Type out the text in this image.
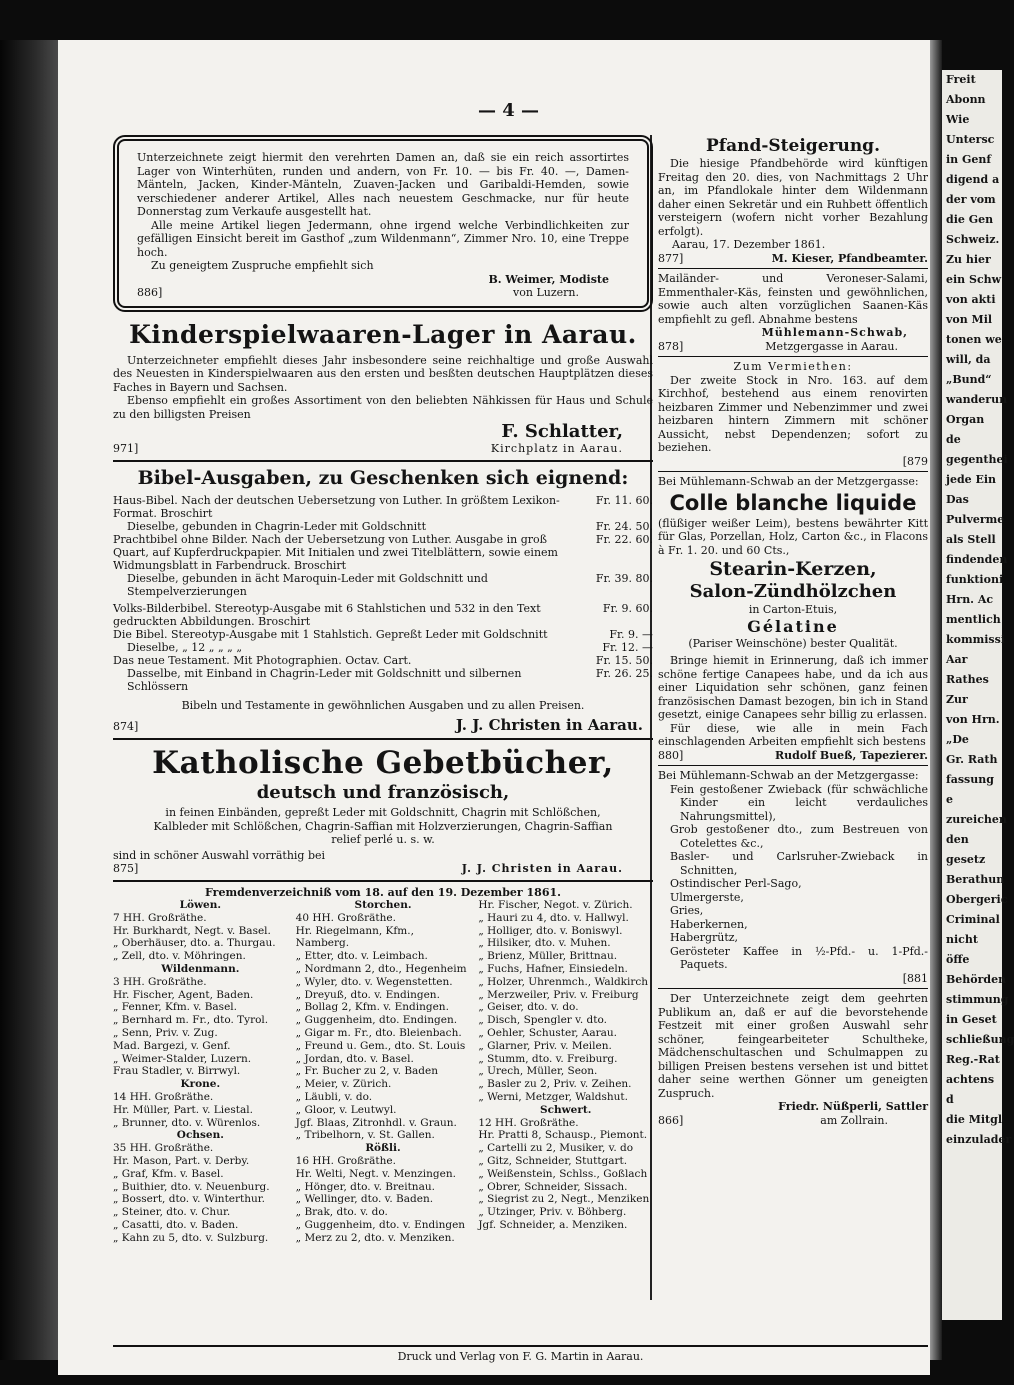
— 4 —

Unterzeichnete zeigt hiermit den verehrten Damen an, daß sie ein reich assortirtes Lager von Winterhüten, runden und andern, von Fr. 10. — bis Fr. 40. —, Damen-Mänteln, Jacken, Kinder-Mänteln, Zuaven-Jacken und Garibaldi-Hemden, sowie verschiedener anderer Artikel, Alles nach neuestem Geschmacke, nur für heute Donnerstag zum Verkaufe ausgestellt hat.

Alle meine Artikel liegen Jedermann, ohne irgend welche Verbindlichkeiten zur gefälligen Einsicht bereit im Gasthof „zum Wildenmann“, Zimmer Nro. 10, eine Treppe hoch.

Zu geneigtem Zuspruche empfiehlt sich

B. Weimer, Modiste

886]	von Luzern.

Kinderspielwaaren-Lager in Aarau.

Unterzeichneter empfiehlt dieses Jahr insbesondere seine reichhaltige und große Auswahl des Neuesten in Kinderspielwaaren aus den ersten und besßten deutschen Hauptplätzen dieses Faches in Bayern und Sachsen.

Ebenso empfiehlt ein großes Assortiment von den beliebten Nähkissen für Haus und Schule zu den billigsten Preisen

F. Schlatter,

971]	Kirchplatz in Aarau.

Bibel-Ausgaben, zu Geschenken sich eignend:

Haus-Bibel. Nach der deutschen Uebersetzung von Luther. In größtem Lexikon-Format. Broschirt
Fr. 11. 60.
Dieselbe, gebunden in Chagrin-Leder mit Goldschnitt	Fr. 24. 50.
Prachtbibel ohne Bilder. Nach der Uebersetzung von Luther. Ausgabe in groß Quart, auf Kupferdruckpapier. Mit Initialen und zwei Titelblättern, sowie einem Widmungsblatt in Farbendruck. Broschirt
Fr. 22. 60.
Dieselbe, gebunden in ächt Maroquin-Leder mit Goldschnitt und Stempelverzierungen
Fr. 39. 80.
Volks-Bilderbibel. Stereotyp-Ausgabe mit 6 Stahlstichen und 532 in den Text gedruckten Abbildungen. Broschirt
Fr. 9. 60.
Die Bibel. Stereotyp-Ausgabe mit 1 Stahlstich. Gepreßt Leder mit Goldschnitt	Fr. 9. —
Dieselbe, „ 12 „ „ „ „	Fr. 12. —
Das neue Testament. Mit Photographien. Octav. Cart.	Fr. 15. 50.
Dasselbe, mit Einband in Chagrin-Leder mit Goldschnitt und silbernen Schlössern
Fr. 26. 25.

Bibeln und Testamente in gewöhnlichen Ausgaben und zu allen Preisen.

874]	J. J. Christen in Aarau.

Katholische Gebetbücher,

deutsch und französisch,

in feinen Einbänden, gepreßt Leder mit Goldschnitt, Chagrin mit Schlößchen, Kalbleder mit Schlößchen, Chagrin-Saffian mit Holzverzierungen, Chagrin-Saffian relief perlé u. s. w.

sind in schöner Auswahl vorräthig bei

875]	J. J. Christen in Aarau.

Fremdenverzeichniß vom 18. auf den 19. Dezember 1861.

Löwen.

7 HH. Großräthe.

Hr. Burkhardt, Negt. v. Basel.

„ Oberhäuser, dto. a. Thurgau.

„ Zell, dto. v. Möhringen.

Wildenmann.

3 HH. Großräthe.

Hr. Fischer, Agent, Baden.

„ Fenner, Kfm. v. Basel.

„ Bernhard m. Fr., dto. Tyrol.

„ Senn, Priv. v. Zug.

Mad. Bargezi, v. Genf.

„ Weimer-Stalder, Luzern.

Frau Stadler, v. Birrwyl.

Krone.

14 HH. Großräthe.

Hr. Müller, Part. v. Liestal.

„ Brunner, dto. v. Würenlos.

Ochsen.

35 HH. Großräthe.

Hr. Mason, Part. v. Derby.

„ Graf, Kfm. v. Basel.

„ Buithier, dto. v. Neuenburg.

„ Bossert, dto. v. Winterthur.

„ Steiner, dto. v. Chur.

„ Casatti, dto. v. Baden.

„ Kahn zu 5, dto. v. Sulzburg.

Storchen.

40 HH. Großräthe.

Hr. Riegelmann, Kfm., Namberg.

„ Etter, dto. v. Leimbach.

„ Nordmann 2, dto., Hegenheim

„ Wyler, dto. v. Wegenstetten.

„ Dreyuß, dto. v. Endingen.

„ Bollag 2, Kfm. v. Endingen.

„ Guggenheim, dto. Endingen.

„ Gigar m. Fr., dto. Bleienbach.

„ Freund u. Gem., dto. St. Louis

„ Jordan, dto. v. Basel.

„ Fr. Bucher zu 2, v. Baden

„ Meier, v. Zürich.

„ Läubli, v. do.

„ Gloor, v. Leutwyl.

Jgf. Blaas, Zitronhdl. v. Graun.

„ Tribelhorn, v. St. Gallen.

Rößli.

16 HH. Großräthe.

Hr. Welti, Negt. v. Menzingen.

„ Hönger, dto. v. Breitnau.

„ Wellinger, dto. v. Baden.

„ Brak, dto. v. do.

„ Guggenheim, dto. v. Endingen

„ Merz zu 2, dto. v. Menziken.

Hr. Fischer, Negot. v. Zürich.

„ Hauri zu 4, dto. v. Hallwyl.

„ Holliger, dto. v. Boniswyl.

„ Hilsiker, dto. v. Muhen.

„ Brienz, Müller, Brittnau.

„ Fuchs, Hafner, Einsiedeln.

„ Holzer, Uhrenmch., Waldkirch

„ Merzweiler, Priv. v. Freiburg

„ Geiser, dto. v. do.

„ Disch, Spengler v. dto.

„ Oehler, Schuster, Aarau.

„ Glarner, Priv. v. Meilen.

„ Stumm, dto. v. Freiburg.

„ Urech, Müller, Seon.

„ Basler zu 2, Priv. v. Zeihen.

„ Werni, Metzger, Waldshut.

Schwert.

12 HH. Großräthe.

Hr. Pratti 8, Schausp., Piemont.

„ Cartelli zu 2, Musiker, v. do

„ Gitz, Schneider, Stuttgart.

„ Weißenstein, Schlss., Goßlach

„ Obrer, Schneider, Sissach.

„ Siegrist zu 2, Negt., Menziken

„ Utzinger, Priv. v. Böhberg.

Jgf. Schneider, a. Menziken.

Pfand-Steigerung.

Die hiesige Pfandbehörde wird künftigen Freitag den 20. dies, von Nachmittags 2 Uhr an, im Pfandlokale hinter dem Wildenmann daher einen Sekretär und ein Ruhbett öffentlich versteigern (wofern nicht vorher Bezahlung erfolgt).

Aarau, 17. Dezember 1861.

877]	M. Kieser, Pfandbeamter.

Mailänder- und Veroneser-Salami, Emmenthaler-Käs, feinsten und gewöhnlichen, sowie auch alten vorzüglichen Saanen-Käs empfiehlt zu gefl. Abnahme bestens

Mühlemann-Schwab,

878]	Metzgergasse in Aarau.

Zum Vermiethen:

Der zweite Stock in Nro. 163. auf dem Kirchhof, bestehend aus einem renovirten heizbaren Zimmer und Nebenzimmer und zwei heizbaren hintern Zimmern mit schöner Aussicht, nebst Dependenzen; sofort zu beziehen.

[879

Bei Mühlemann-Schwab an der Metzgergasse:

Colle blanche liquide

(flüßiger weißer Leim), bestens bewährter Kitt für Glas, Porzellan, Holz, Carton &c., in Flacons à Fr. 1. 20. und 60 Cts.,

Stearin-Kerzen,

Salon-Zündhölzchen

in Carton-Etuis,

Gélatine

(Pariser Weinschöne) bester Qualität.

Bringe hiemit in Erinnerung, daß ich immer schöne fertige Canapees habe, und da ich aus einer Liquidation sehr schönen, ganz feinen französischen Damast bezogen, bin ich in Stand gesetzt, einige Canapees sehr billig zu erlassen.

Für diese, wie alle in mein Fach einschlagenden Arbeiten empfiehlt sich bestens

880]	Rudolf Bueß, Tapezierer.

Bei Mühlemann-Schwab an der Metzgergasse:

Fein gestoßener Zwieback (für schwächliche Kinder ein leicht verdauliches Nahrungsmittel),

Grob gestoßener dto., zum Bestreuen von Cotelettes &c.,

Basler- und Carlsruher-Zwieback in Schnitten,

Ostindischer Perl-Sago,

Ulmergerste,

Gries,

Haberkernen,

Habergrütz,

Gerösteter Kaffee in ½-Pfd.- u. 1-Pfd.-Paquets.

[881

Der Unterzeichnete zeigt dem geehrten Publikum an, daß er auf die bevorstehende Festzeit mit einer großen Auswahl sehr schöner, feingearbeiteter Schultheke, Mädchenschultaschen und Schulmappen zu billigen Preisen bestens versehen ist und bittet daher seine werthen Gönner um geneigten Zuspruch.

Friedr. Nüßperli, Sattler
866]	am Zollrain.
Druck und Verlag von F. G. Martin in Aarau.

Freit

Abonn

Wie

Untersc

in Genf

digend a

der vom

die Gen

Schweiz.

Zu hier

ein Schw

von akti

von Mil

tonen we

will, da

„Bund“

wanderun

Organ de

gegenthei

jede Ein

Das

Pulverme

als Stell

findenden

funktioni

Hrn. Ac

mentlich

kommissi

Aar

Rathes

Zur

von Hrn.

„De

Gr. Rath

fassung e

zureichen

den gesetz

Berathun

Obergeric

Criminal

nicht öffe

Behörden

stimmung

in Geset

schließung

Reg.-Rat

achtens d

die Mitgl

einzulader
